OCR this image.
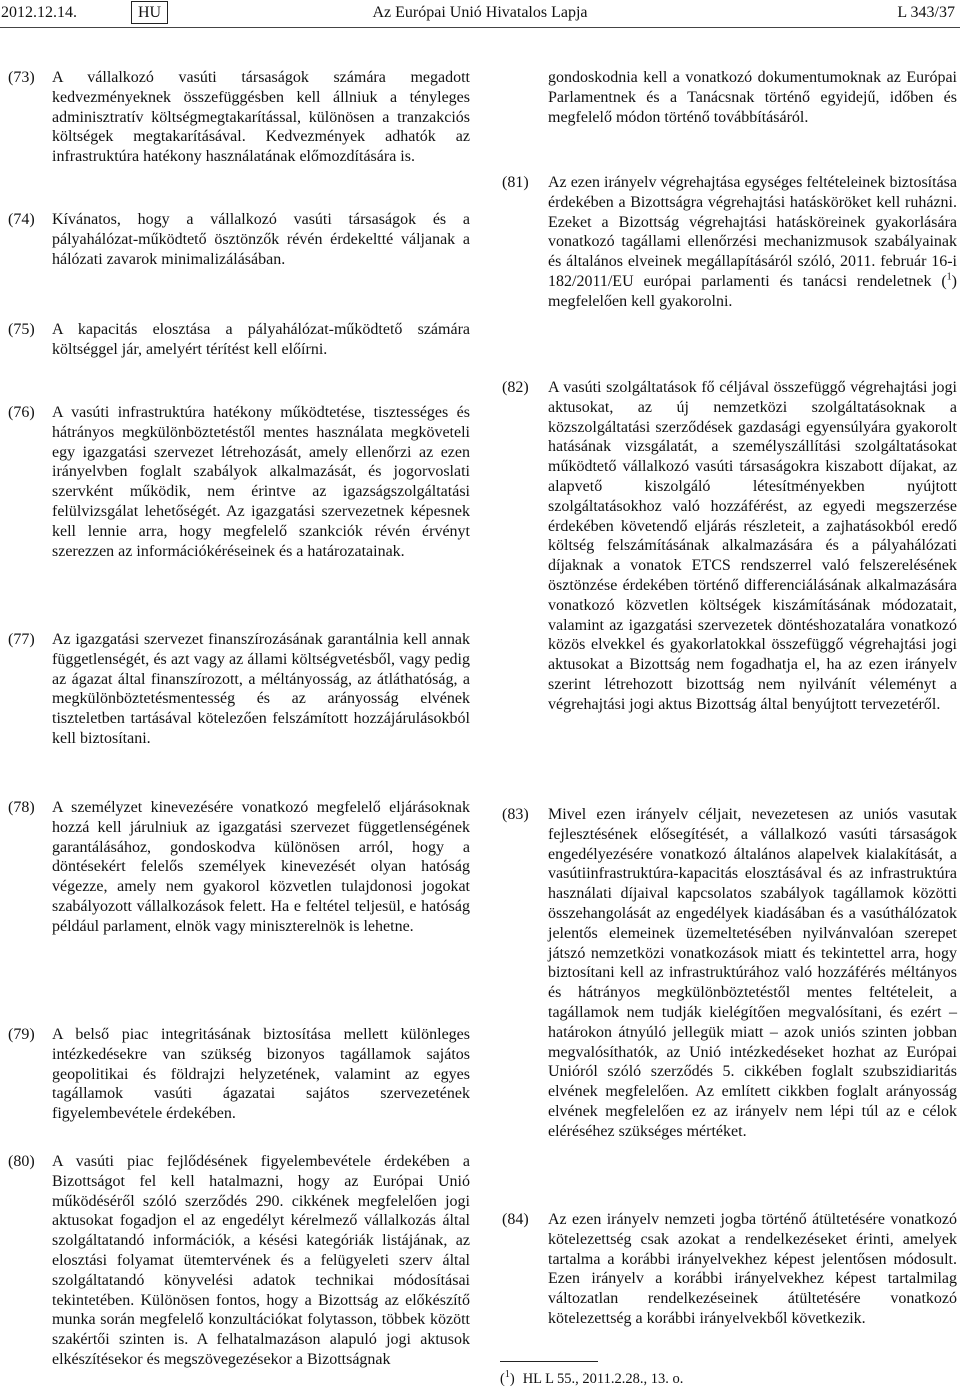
2012.12.14.	HU	Az Európai Unió Hivatalos Lapja	L 343/37
(73) A vállalkozó vasúti társaságok számára megadott kedvezményeknek összefüggésben kell állniuk a tényleges adminisztratív költségmegtakarítással, különösen a tranzakciós költségek megtakarításával. Kedvezmények adhatók az infrastruktúra hatékony használatának előmozdítására is.

(74) Kívánatos, hogy a vállalkozó vasúti társaságok és a pályahálózat-működtető ösztönzők révén érdekeltté váljanak a hálózati zavarok minimalizálásában.

(75) A kapacitás elosztása a pályahálózat-működtető számára költséggel jár, amelyért térítést kell előírni.

(76) A vasúti infrastruktúra hatékony működtetése, tisztességes és hátrányos megkülönböztetéstől mentes használata megköveteli egy igazgatási szervezet létrehozását, amely ellenőrzi az ezen irányelvben foglalt szabályok alkalmazását, és jogorvoslati szervként működik, nem érintve az igazságszolgáltatási felülvizsgálat lehetőségét. Az igazgatási szervezetnek képesnek kell lennie arra, hogy megfelelő szankciók révén érvényt szerezzen az információkéréseinek és a határozatainak.

(77) Az igazgatási szervezet finanszírozásának garantálnia kell annak függetlenségét, és azt vagy az állami költségvetésből, vagy pedig az ágazat által finanszírozott, a méltányosság, az átláthatóság, a megkülönböztetésmentesség és az arányosság elvének tiszteletben tartásával kötelezően felszámított hozzájárulásokból kell biztosítani.

(78) A személyzet kinevezésére vonatkozó megfelelő eljárásoknak hozzá kell járulniuk az igazgatási szervezet függetlenségének garantálásához, gondoskodva különösen arról, hogy a döntésekért felelős személyek kinevezését olyan hatóság végezze, amely nem gyakorol közvetlen tulajdonosi jogokat szabályozott vállalkozások felett. Ha e feltétel teljesül, e hatóság például parlament, elnök vagy miniszterelnök is lehetne.

(79) A belső piac integritásának biztosítása mellett különleges intézkedésekre van szükség bizonyos tagállamok sajátos geopolitikai és földrajzi helyzetének, valamint az egyes tagállamok vasúti ágazatai sajátos szervezetének figyelembevétele érdekében.

(80) A vasúti piac fejlődésének figyelembevétele érdekében a Bizottságot fel kell hatalmazni, hogy az Európai Unió működéséről szóló szerződés 290. cikkének megfelelően jogi aktusokat fogadjon el az engedélyt kérelmező vállalkozás által szolgáltatandó információk, a késési kategóriák listájának, az elosztási folyamat ütemtervének és a felügyeleti szerv által szolgáltatandó könyvelési adatok technikai módosításai tekintetében. Különösen fontos, hogy a Bizottság az előkészítő munka során megfelelő konzultációkat folytasson, többek között szakértői szinten is. A felhatalmazáson alapuló jogi aktusok elkészítésekor és megszövegezésekor a Bizottságnak

gondoskodnia kell a vonatkozó dokumentumoknak az Európai Parlamentnek és a Tanácsnak történő egyidejű, időben és megfelelő módon történő továbbításáról.

(81) Az ezen irányelv végrehajtása egységes feltételeinek biztosítása érdekében a Bizottságra végrehajtási hatásköröket kell ruházni. Ezeket a Bizottság végrehajtási hatásköreinek gyakorlására vonatkozó tagállami ellenőrzési mechanizmusok szabályainak és általános elveinek megállapításáról szóló, 2011. február 16-i 182/2011/EU európai parlamenti és tanácsi rendeletnek ($^1$) megfelelően kell gyakorolni.

(82) A vasúti szolgáltatások fő céljával összefüggő végrehajtási jogi aktusokat, az új nemzetközi szolgáltatásoknak a közszolgáltatási szerződések gazdasági egyensúlyára gyakorolt hatásának vizsgálatát, a személyszállítási szolgáltatásokat működtető vállalkozó vasúti társaságokra kiszabott díjakat, az alapvető kiszolgáló létesítményekben nyújtott szolgáltatásokhoz való hozzáférést, az egyedi megszerzése érdekében követendő eljárás részleteit, a zajhatásokból eredő költség felszámításának alkalmazására és a pályahálózati díjaknak a vonatok ETCS rendszerrel való felszerelésének ösztönzése érdekében történő differenciálásának alkalmazására vonatkozó közvetlen költségek kiszámításának módozatait, valamint az igazgatási szervezetek döntéshozatalára vonatkozó közös elvekkel és gyakorlatokkal összefüggő végrehajtási jogi aktusokat a Bizottság nem fogadhatja el, ha az ezen irányelv szerint létrehozott bizottság nem nyilvánít véleményt a végrehajtási jogi aktus Bizottság által benyújtott tervezetéről.

(83) Mivel ezen irányelv céljait, nevezetesen az uniós vasutak fejlesztésének elősegítését, a vállalkozó vasúti társaságok engedélyezésére vonatkozó általános alapelvek kialakítását, a vasútiinfrastruktúra-kapacitás elosztásával és az infrastruktúra használati díjaival kapcsolatos szabályok tagállamok közötti összehangolását az engedélyek kiadásában és a vasúthálózatok jelentős elemeinek üzemeltetésében nyilvánvalóan szerepet játszó nemzetközi vonatkozások miatt és tekintettel arra, hogy biztosítani kell az infrastruktúrához való hozzáférés méltányos és hátrányos megkülönböztetéstől mentes feltételeit, a tagállamok nem tudják kielégítően megvalósítani, és ezért – határokon átnyúló jellegük miatt – azok uniós szinten jobban megvalósíthatók, az Unió intézkedéseket hozhat az Európai Unióról szóló szerződés 5. cikkében foglalt szubszidiaritás elvének megfelelően. Az említett cikkben foglalt arányosság elvének megfelelően ez az irányelv nem lépi túl az e célok eléréséhez szükséges mértéket.

(84) Az ezen irányelv nemzeti jogba történő átültetésére vonatkozó kötelezettség csak azokat a rendelkezéseket érinti, amelyek tartalma a korábbi irányelvekhez képest jelentősen módosult. Ezen irányelv a korábbi irányelvekhez képest tartalmilag változatlan rendelkezéseinek átültetésére vonatkozó kötelezettség a korábbi irányelvekből következik.

($^1$) HL L 55., 2011.2.28., 13. o.
